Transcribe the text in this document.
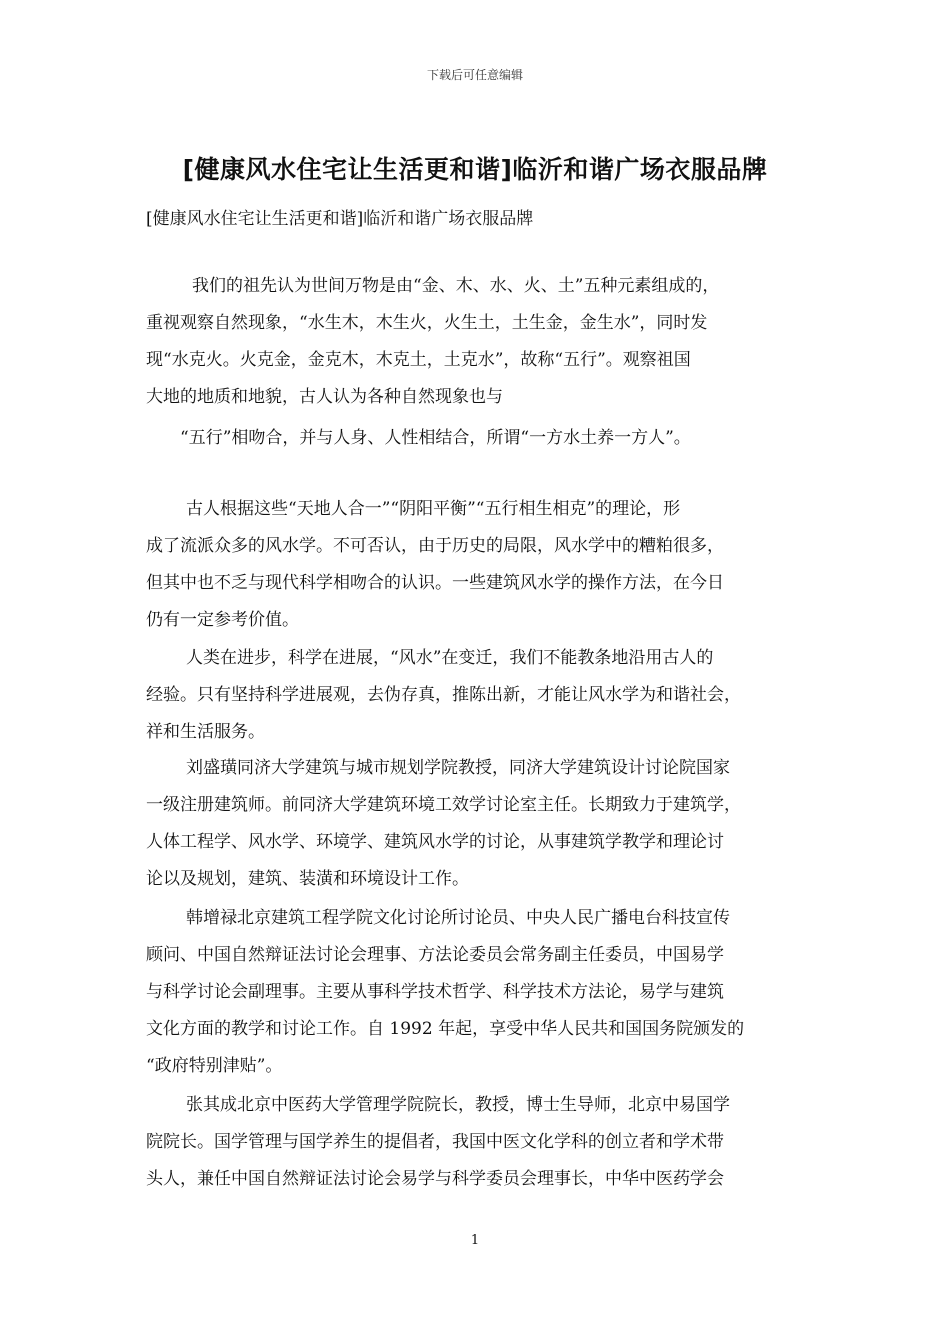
下载后可任意编辑
[健康风水住宅让生活更和谐]临沂和谐广场衣服品牌
[健康风水住宅让生活更和谐]临沂和谐广场衣服品牌
我们的祖先认为世间万物是由“金、木、水、火、土”五种元素组成的，
重视观察自然现象，“水生木，木生火，火生土，土生金，金生水”，同时发
现“水克火。火克金，金克木，木克土，土克水”，故称“五行”。观察祖国
大地的地质和地貌，古人认为各种自然现象也与
“五行”相吻合，并与人身、人性相结合，所谓“一方水土养一方人”。
古人根据这些“天地人合一”“阴阳平衡”“五行相生相克”的理论，形
成了流派众多的风水学。不可否认，由于历史的局限，风水学中的糟粕很多，
但其中也不乏与现代科学相吻合的认识。一些建筑风水学的操作方法，在今日
仍有一定参考价值。
人类在进步，科学在进展，“风水”在变迁，我们不能教条地沿用古人的
经验。只有坚持科学进展观，去伪存真，推陈出新，才能让风水学为和谐社会，
祥和生活服务。
刘盛璜同济大学建筑与城市规划学院教授，同济大学建筑设计讨论院国家
一级注册建筑师。前同济大学建筑环境工效学讨论室主任。长期致力于建筑学，
人体工程学、风水学、环境学、建筑风水学的讨论，从事建筑学教学和理论讨
论以及规划，建筑、装潢和环境设计工作。
韩增禄北京建筑工程学院文化讨论所讨论员、中央人民广播电台科技宣传
顾问、中国自然辩证法讨论会理事、方法论委员会常务副主任委员，中国易学
与科学讨论会副理事。主要从事科学技术哲学、科学技术方法论，易学与建筑
文化方面的教学和讨论工作。自 1992 年起，享受中华人民共和国国务院颁发的
“政府特别津贴”。
张其成北京中医药大学管理学院院长，教授，博士生导师，北京中易国学
院院长。国学管理与国学养生的提倡者，我国中医文化学科的创立者和学术带
头人，兼任中国自然辩证法讨论会易学与科学委员会理事长，中华中医药学会
1
